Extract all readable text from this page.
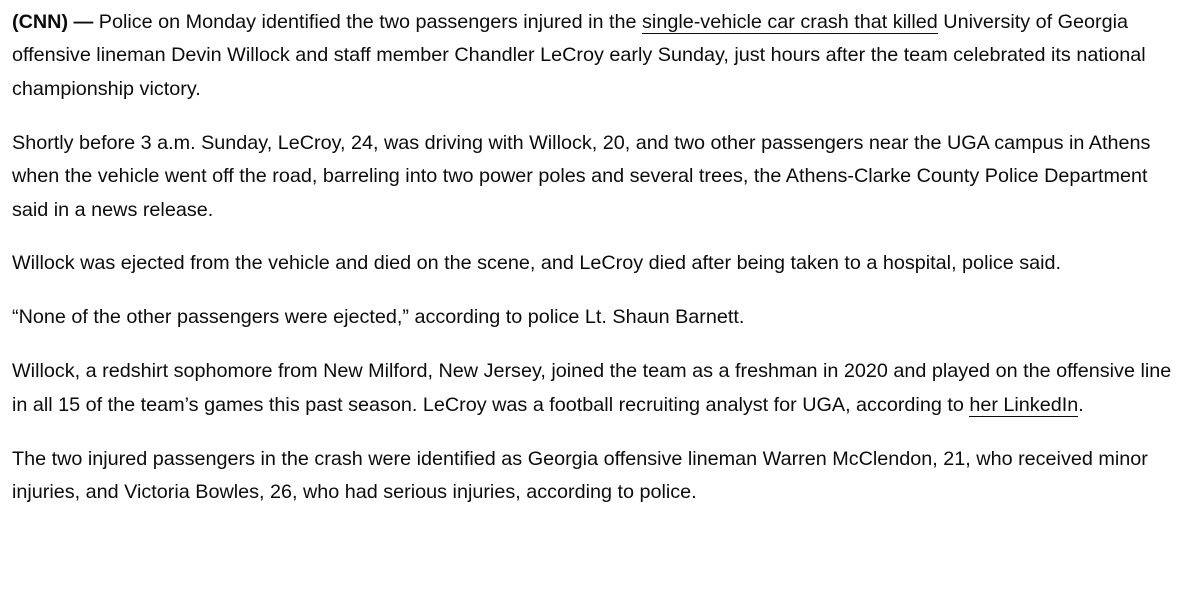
(CNN) — Police on Monday identified the two passengers injured in the single-vehicle car crash that killed University of Georgia offensive lineman Devin Willock and staff member Chandler LeCroy early Sunday, just hours after the team celebrated its national championship victory.

Shortly before 3 a.m. Sunday, LeCroy, 24, was driving with Willock, 20, and two other passengers near the UGA campus in Athens when the vehicle went off the road, barreling into two power poles and several trees, the Athens-Clarke County Police Department said in a news release.

Willock was ejected from the vehicle and died on the scene, and LeCroy died after being taken to a hospital, police said.

“None of the other passengers were ejected,” according to police Lt. Shaun Barnett.

Willock, a redshirt sophomore from New Milford, New Jersey, joined the team as a freshman in 2020 and played on the offensive line in all 15 of the team’s games this past season. LeCroy was a football recruiting analyst for UGA, according to her LinkedIn.

The two injured passengers in the crash were identified as Georgia offensive lineman Warren McClendon, 21, who received minor injuries, and Victoria Bowles, 26, who had serious injuries, according to police.
